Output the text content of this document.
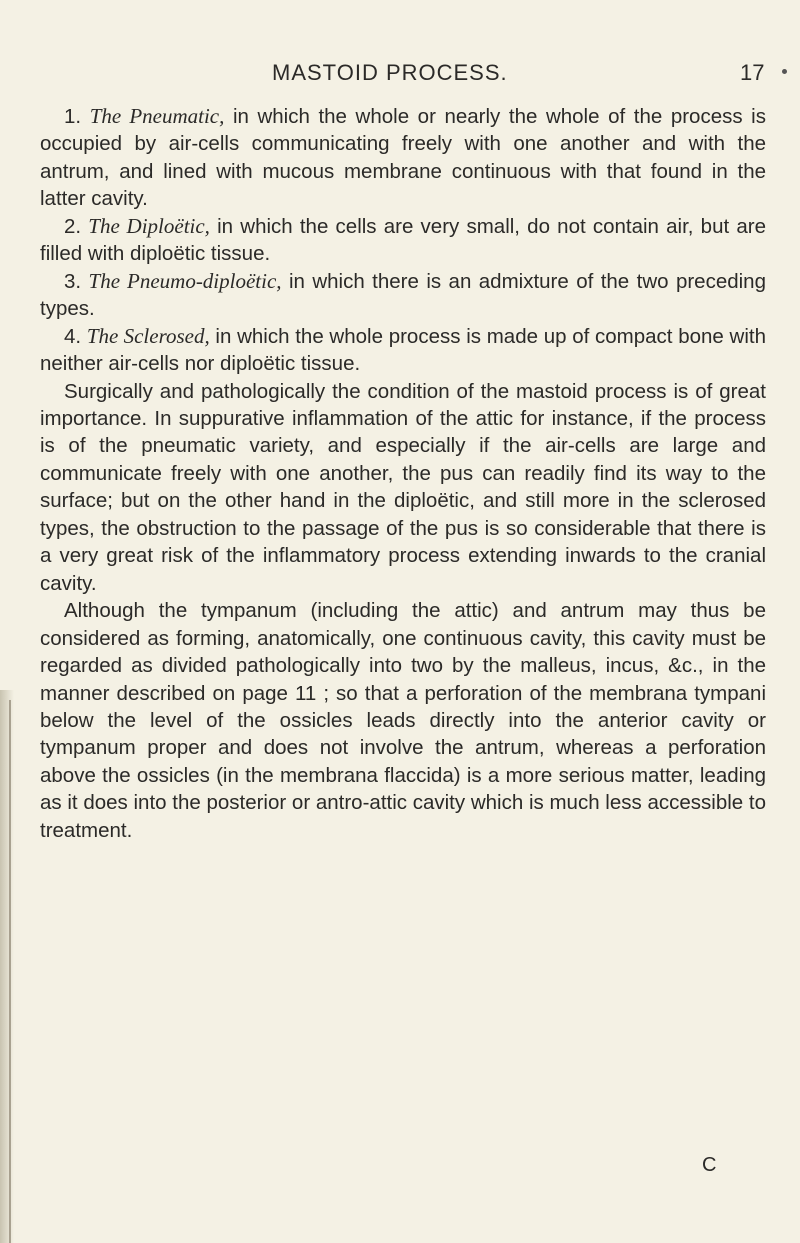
MASTOID PROCESS.	17

1. The Pneumatic, in which the whole or nearly the whole of the process is occupied by air-cells communicating freely with one another and with the antrum, and lined with mucous membrane continuous with that found in the latter cavity.

2. The Diploëtic, in which the cells are very small, do not contain air, but are filled with diploëtic tissue.

3. The Pneumo-diploëtic, in which there is an admixture of the two preceding types.

4. The Sclerosed, in which the whole process is made up of compact bone with neither air-cells nor diploëtic tissue.

Surgically and pathologically the condition of the mastoid process is of great importance. In suppurative inflammation of the attic for instance, if the process is of the pneumatic variety, and especially if the air-cells are large and communicate freely with one another, the pus can readily find its way to the surface; but on the other hand in the diploëtic, and still more in the sclerosed types, the obstruction to the passage of the pus is so considerable that there is a very great risk of the inflammatory process extending inwards to the cranial cavity.

Although the tympanum (including the attic) and antrum may thus be considered as forming, anatomically, one continuous cavity, this cavity must be regarded as divided pathologically into two by the malleus, incus, &c., in the manner described on page 11 ; so that a perforation of the membrana tympani below the level of the ossicles leads directly into the anterior cavity or tympanum proper and does not involve the antrum, whereas a perforation above the ossicles (in the membrana flaccida) is a more serious matter, leading as it does into the posterior or antro-attic cavity which is much less accessible to treatment.

C
